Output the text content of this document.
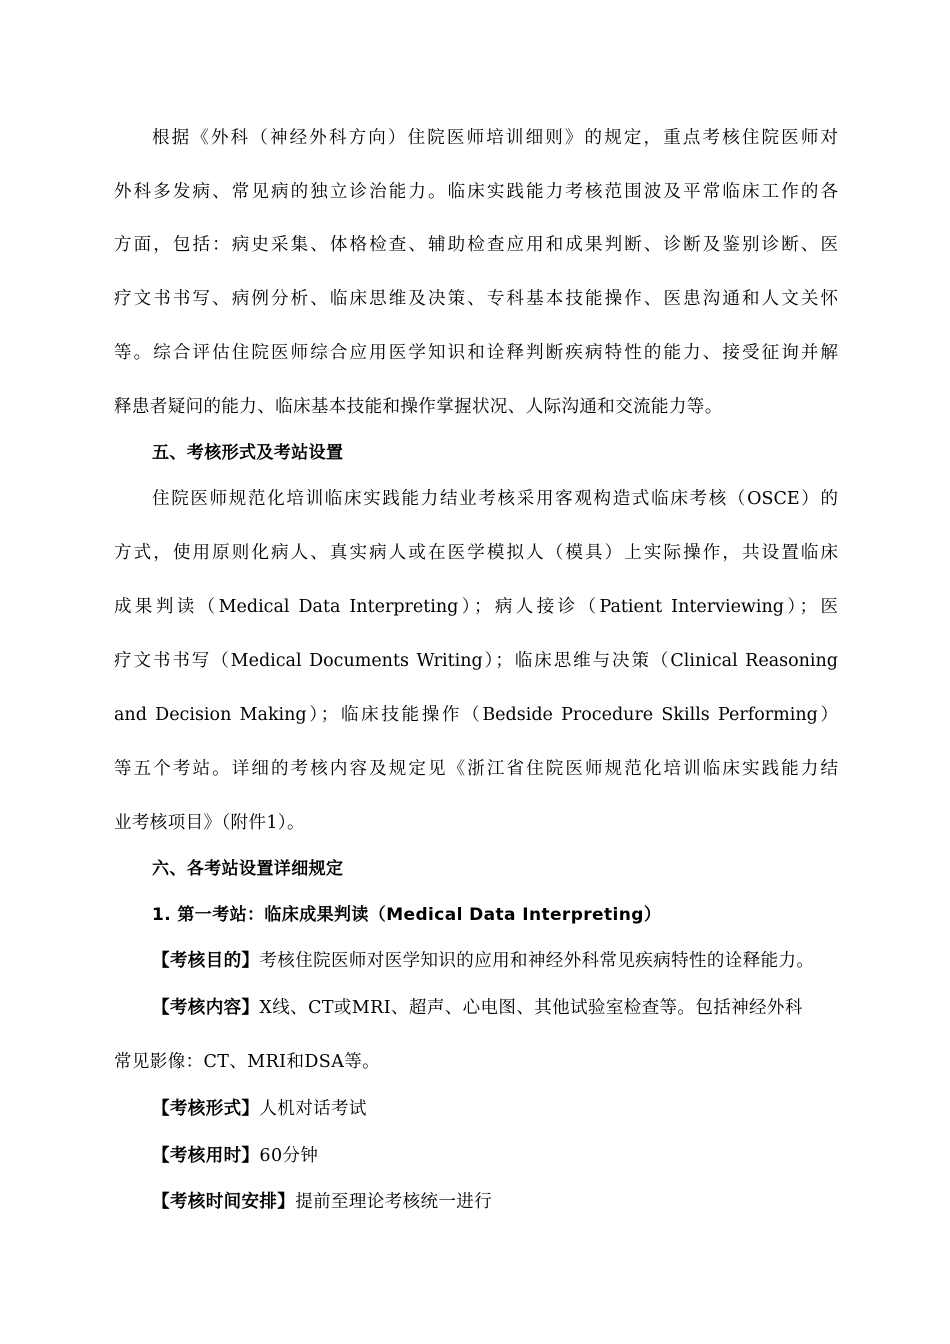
根据《外科（神经外科方向）住院医师培训细则》的规定，重点考核住院医师对
外科多发病、常见病的独立诊治能力。临床实践能力考核范围波及平常临床工作的各
方面，包括：病史采集、体格检查、辅助检查应用和成果判断、诊断及鉴别诊断、医
疗文书书写、病例分析、临床思维及决策、专科基本技能操作、医患沟通和人文关怀
等。综合评估住院医师综合应用医学知识和诠释判断疾病特性的能力、接受征询并解
释患者疑问的能力、临床基本技能和操作掌握状况、人际沟通和交流能力等。
五、考核形式及考站设置
住院医师规范化培训临床实践能力结业考核采用客观构造式临床考核（OSCE）的
方式，使用原则化病人、真实病人或在医学模拟人（模具）上实际操作，共设置临床
成果判读（Medical Data Interpreting）；病人接诊（Patient Interviewing）；医
疗文书书写（Medical Documents Writing）；临床思维与决策（Clinical Reasoning
and Decision Making）；临床技能操作（Bedside Procedure Skills Performing）
等五个考站。详细的考核内容及规定见《浙江省住院医师规范化培训临床实践能力结
业考核项目》（附件1）。
六、各考站设置详细规定
1. 第一考站：临床成果判读（Medical Data Interpreting）
【考核目的】考核住院医师对医学知识的应用和神经外科常见疾病特性的诠释能力。
【考核内容】X线、CT或MRI、超声、心电图、其他试验室检查等。包括神经外科
常见影像：CT、MRI和DSA等。
【考核形式】人机对话考试
【考核用时】60分钟
【考核时间安排】提前至理论考核统一进行
